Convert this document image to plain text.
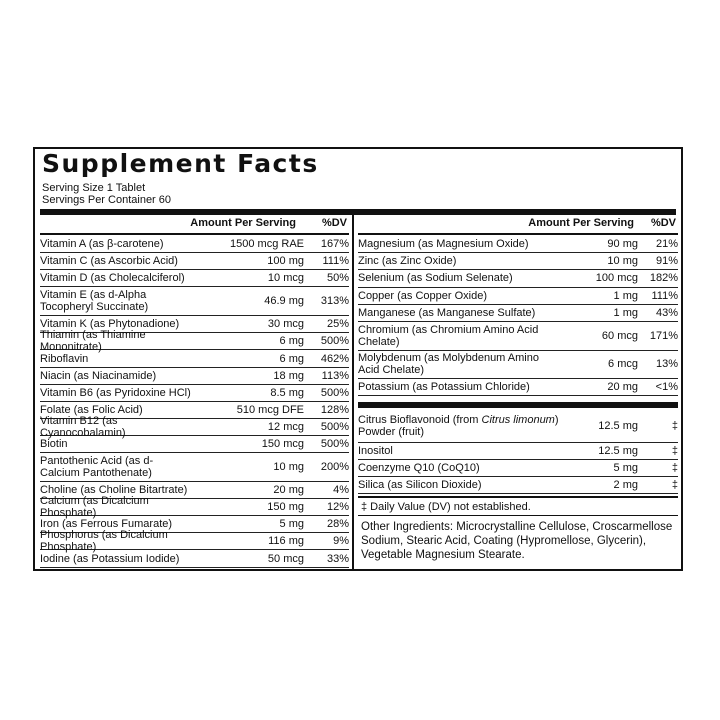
Supplement Facts
Serving Size 1 Tablet
Servings Per Container 60
Amount Per Serving %DV	Amount Per Serving %DV
Vitamin A (as β-carotene)	1500 mcg RAE	167%
Vitamin C (as Ascorbic Acid)	100 mg	111%
Vitamin D (as Cholecalciferol)	10 mcg	50%
Vitamin E (as d-Alpha Tocopheryl Succinate)	46.9 mg	313%
Vitamin K (as Phytonadione)	30 mcg	25%
Thiamin (as Thiamine Mononitrate)	6 mg	500%
Riboflavin	6 mg	462%
Niacin (as Niacinamide)	18 mg	113%
Vitamin B6 (as Pyridoxine HCl)	8.5 mg	500%
Folate (as Folic Acid)	510 mcg DFE	128%
Vitamin B12 (as Cyanocobalamin)	12 mcg	500%
Biotin	150 mcg	500%
Pantothenic Acid (as d-Calcium Pantothenate)	10 mg	200%
Choline (as Choline Bitartrate)	20 mg	4%
Calcium (as Dicalcium Phosphate)	150 mg	12%
Iron (as Ferrous Fumarate)	5 mg	28%
Phosphorus (as Dicalcium Phosphate)	116 mg	9%
Iodine (as Potassium Iodide)	50 mcg	33%
Magnesium (as Magnesium Oxide)	90 mg	21%
Zinc (as Zinc Oxide)	10 mg	91%
Selenium (as Sodium Selenate)	100 mcg	182%
Copper (as Copper Oxide)	1 mg	111%
Manganese (as Manganese Sulfate)	1 mg	43%
Chromium (as Chromium Amino Acid Chelate)	60 mcg	171%
Molybdenum (as Molybdenum Amino Acid Chelate)	6 mcg	13%
Potassium (as Potassium Chloride)	20 mg	<1%
Citrus Bioflavonoid (from Citrus limonum) Powder (fruit)	12.5 mg	‡
Inositol	12.5 mg	‡
Coenzyme Q10 (CoQ10)	5 mg	‡
Silica (as Silicon Dioxide)	2 mg	‡
‡ Daily Value (DV) not established.
Other Ingredients: Microcrystalline Cellulose, Croscarmellose Sodium, Stearic Acid, Coating (Hypromellose, Glycerin), Vegetable Magnesium Stearate.
